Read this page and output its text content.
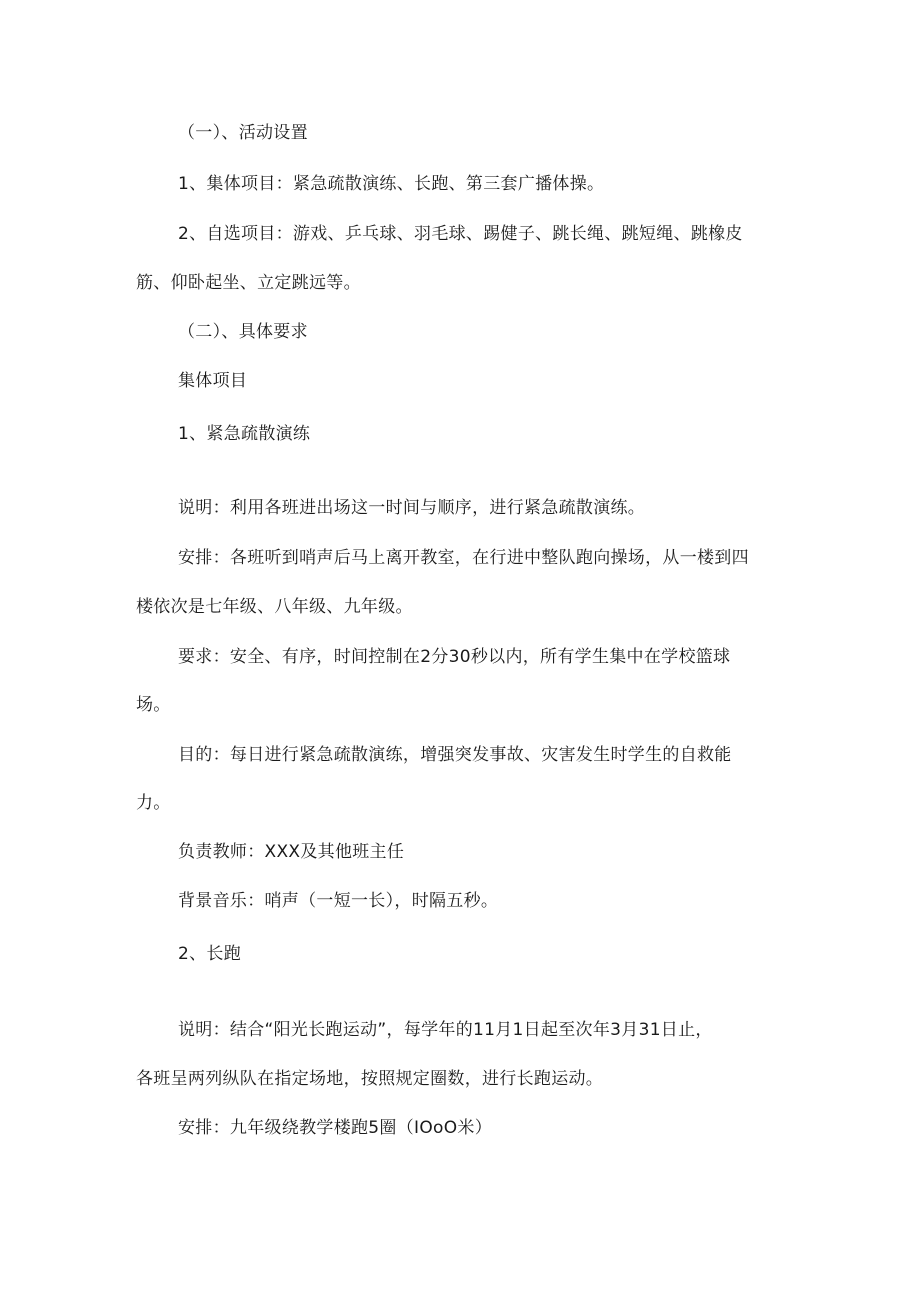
（一）、活动设置
1、集体项目：紧急疏散演练、长跑、第三套广播体操。
2、自选项目：游戏、乒乓球、羽毛球、踢健子、跳长绳、跳短绳、跳橡皮
筋、仰卧起坐、立定跳远等。
（二）、具体要求
集体项目
1、紧急疏散演练
说明：利用各班进出场这一时间与顺序，进行紧急疏散演练。
安排：各班听到哨声后马上离开教室，在行进中整队跑向操场，从一楼到四
楼依次是七年级、八年级、九年级。
要求：安全、有序，时间控制在2分30秒以内，所有学生集中在学校篮球
场。
目的：每日进行紧急疏散演练，增强突发事故、灾害发生时学生的自救能
力。
负责教师：XXX及其他班主任
背景音乐：哨声（一短一长），时隔五秒。
2、长跑
说明：结合“阳光长跑运动”，每学年的11月1日起至次年3月31日止，
各班呈两列纵队在指定场地，按照规定圈数，进行长跑运动。
安排：九年级绕教学楼跑5圈（IOoO米）
